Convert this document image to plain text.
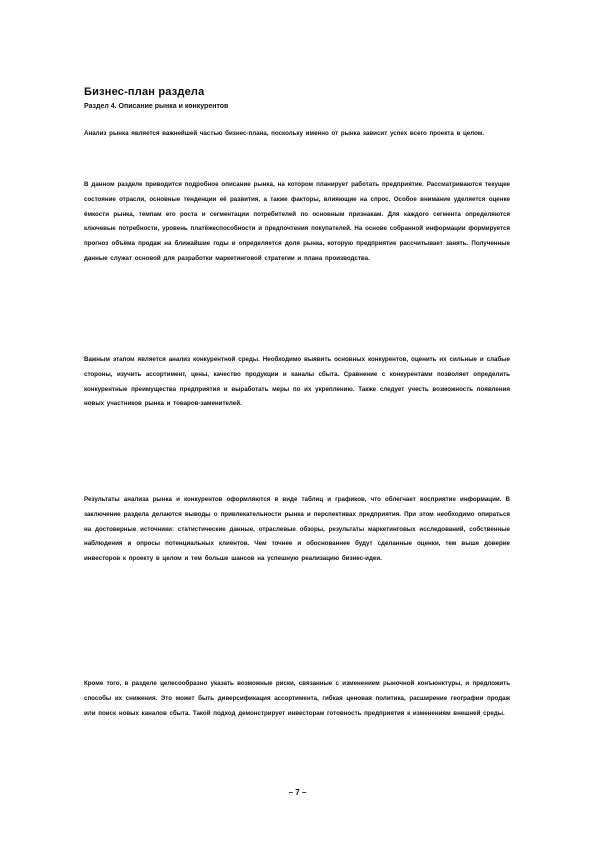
Бизнес-план раздела
Раздел 4. Описание рынка и конкурентов

Анализ рынка является важнейшей частью бизнес-плана, поскольку именно от рынка зависит успех всего проекта в целом.

В данном разделе приводится подробное описание рынка, на котором планирует работать предприятие. Рассматриваются текущее состояние отрасли, основные тенденции её развития, а также факторы, влияющие на спрос. Особое внимание уделяется оценке ёмкости рынка, темпам его роста и сегментации потребителей по основным признакам. Для каждого сегмента определяются ключевые потребности, уровень платёжеспособности и предпочтения покупателей. На основе собранной информации формируется прогноз объёма продаж на ближайшие годы и определяется доля рынка, которую предприятие рассчитывает занять. Полученные данные служат основой для разработки маркетинговой стратегии и плана производства.

Важным этапом является анализ конкурентной среды. Необходимо выявить основных конкурентов, оценить их сильные и слабые стороны, изучить ассортимент, цены, качество продукции и каналы сбыта. Сравнение с конкурентами позволяет определить конкурентные преимущества предприятия и выработать меры по их укреплению. Также следует учесть возможность появления новых участников рынка и товаров-заменителей.

Результаты анализа рынка и конкурентов оформляются в виде таблиц и графиков, что облегчает восприятие информации. В заключение раздела делаются выводы о привлекательности рынка и перспективах предприятия. При этом необходимо опираться на достоверные источники: статистические данные, отраслевые обзоры, результаты маркетинговых исследований, собственные наблюдения и опросы потенциальных клиентов. Чем точнее и обоснованнее будут сделанные оценки, тем выше доверие инвесторов к проекту в целом и тем больше шансов на успешную реализацию бизнес-идеи.

Кроме того, в разделе целесообразно указать возможные риски, связанные с изменением рыночной конъюнктуры, и предложить способы их снижения. Это может быть диверсификация ассортимента, гибкая ценовая политика, расширение географии продаж или поиск новых каналов сбыта. Такой подход демонстрирует инвесторам готовность предприятия к изменениям внешней среды.

– 7 –
